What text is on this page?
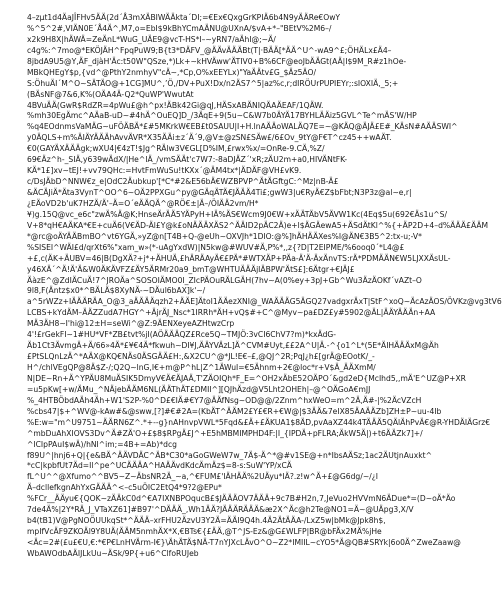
4–zµt1d4ÄaJÎFHv5ÄÄ(2d´Å3mXÄBIWÄÄkta´DI;=€Ex€QxgGrKPIÄ6b4N9yÄÄRe€OwY
%^5^2#,VIÄN0E´Å4Ä^,M7,o=EbI$9kBhYCmAÄNU@UXnA/$vA+*–"BEtV%2M6–/
x2k9H8X|hÄWÄ=ZeÄnL*WuG_UÄE9@vcT-HS*I–~yRN7/aÄhI@;~Ä/
c4g%:^7mo@*EKÖJÄH^FpqPuW9;B{t3*DÄFV_@ÄÄvÄÄÄBt(T|·BÄÄ[*ÄÄ^U^-wA9^£;ÖHÄLx£Ä4–
8jbdA9U5@Y,ÄF_djàH'Äc:t50W"QSze,*)Lk+~kHVÄww'ÄTIV0+B%6CF@eoJbÄÄGt(AÄ|I$9M_R#z1hOe-
MBkQHEgY$p,{vd^@PthY2nmhyV"cÄ~,*Cp,O%xEEYLx)"YaÄÄtv£G_$Äz5ÄO/
S:ÖhuÄI´M^O~SÄTÄO@+1CG]MU^,’Ö,/DV+PuX!Dx/n2ÄS7^5|az%c,r;dIRÖUrPUPIEYr;:sIOXIÄ,_5;+
(BÄsNF@7&6,K%(OÄA4Ä-Q2*QuWP'WwutAt
4BVuÄÄ(GwR$RdZR=4pWu£@h^px!ÄBk42Gi@qJ,HÄSxABÄNIQÄAÄEAF/1QÄW.
%mh30EgÄmc^AÄaB-uD~#4hÄ^OuEQ]D_/3ÄqE+9(5u~C&W7b0ÄYÄ17BYHLÄÄiz5GVL^Te^mÄS'W/HP
%q4EOdnmsVaMÄG~uFÖÄBÄ*£#5MKrkW€EB£t0SAUU|I+H.lnAÄÄoWALÄQ7E=~@KÄQ@ÄJÄ£E#_KÄsN#AÄÄSWI^
y0ÄQLS+m%ÄIÄYÄÄÄhAvvÄVR*X35ÄÄi±z´Ä´9,@V±@zSN£SÄw£/6£Ov_9tY@F€T^cz45++wAÄT.
€0(GAYÄXÄÄÄgk;wXU4|€4zT!$Jg^RÄlw3V€GL[D%IM,£rwx%x/=OnRe-9.CÄ,%Z/
69€Äz^h-_SIÄ,y639wÄdX/|He^IÄ_/vmSÄÄt'c7W7:-8aDJÄZ´'xR;zÄU2m+a0,HIVÄNtFK-
KÄ*1£]xv~tEJ!+vv79QHc:=HvtFmWuSu!tKXx´@ÄM4tx*|ÄDÄF@VH£vK9.
c/DsJÄbD^NNW€z_e|OdC2Äubkup'[*C*#2&E56bÄ€WZBPVP^ÄtÄGftgC:^Mz|nB-Ä£
&ÄCÄJiÄ*Äta3VynT^OO^6~OÄ2PPXGu^py@GÄqÄTÄ€JÄÄÄ4Ti£;gwW3|u€RyÄ€Z$bFbt;N3P3z@al~e,r|
¿EÄoVD2b'uK7HZÄ/Ä'–Ä=O´eÄÄQÄ^@RÖ€±|Ä–/ÖIÄÄ2vm/H*
¥)g.15Q@vc_e6c"zwÄ%Ä@K;HnseÄrÄÄ5YÄPyH+IÄ%ÄS€Wcm9J0€W+xÄÄTÄbV5ÄVW1Kc(4Eq$5u(692€Äs1u^S/
V+8*qH€AÄKA*€E+cuÄ6(V€ÄD-Äl£Y@k£oNÄÄÄXÄS2^ÄÄID2pÄC2Ä)e+l$ÄGÄewA5+ÄSdÄtKl^%{+ÄP2D+4–d%ÄÄÄ£ÄÄM
*@rc@oÄYÄÄBmBO^vt6YGÄ,»yZ@n[T4B+Q-@eUh~OXVJh*1DIO:@%]hÄHÄÄXes%I@ÄN€3B5^2:tx-u;-V*
%SISEI^WÄI£d/qrXt6%"xam_w»(*-uAgYxdW)|N5kw@#WUV#Ä,P%*,,z{?D|T2EIPME/%6ooq0´*L4@£
+£,c(ÄK+ÄUBV=46|B(DgXÄ?+j*+ÄHUÄ,£hÄRÄAyÄ€£PÄ*#WTXÄP+PÄa-Ä'Ä-ÄxÄnvTS:rÄ*PDMÄÄN€W5LJXXÄsUL-
y46XÄ´^Ä!Ä'Ä&W0ÄKÄVFZ£ÄY5ÄRMr20a9_bmT@WHTUÄÄÄjIÄBPW'ÄtS£]:6Ätgr+€JÄJ£
ÄàzE^@ZdIÄCuÄ!7^JROÄa^SOSOIÄMO0I_ZIcPÄOuRÄLGÄH(7hv~A(0%ey+3pJ+Gb^Wu3ÄzÄOKf´vAZt–O
9l8,F(Äntz$x0*^BÄLÄ$8XyNÄ-~DÄul6bAX]k'~/
a^5rWZz+IÄÄÄRÄA_O@3_aÄÄÄÄqzh2+ÄÄE]ÄtoI1ÄÄezXNI@_WAÄÄÄG5ÄGQ27vadgxrÄxT|StF^xoQ~ÄcAzÄOS/ÖVKz@vg3tV6
LCBS+kYdÄM–ÄÄZZudA7HGY^+ÄjrÄJ_Nsc*1IRRh*ÄH+vQ$#+C^@Myv~pa£DZ£y#5902@ÄL|ÄÄYÄÄÄn+AA
MÄ3ÄH8~I'hi@12±H=seWi^@Z:9ÄENXeyeAZHtwzCrp
4'!£rGekFI~1#HU*VF*ZB£tvt%jI(AÖÄÄÄQZ£Rce5Q~TMJÖ:3vCI6ChV7?m)*kxÄdG-
Äb1Ct3ÄvmgÄ+Ä/66»4Ä*£¥€4Ä*fkwuh~DI¥J,ÄÄYVÄzL]Ä^CVM#Uyt,££2A^U|Ä.-^{o1^L*(5E*ÄIHÄÄÄxM@Äh
£PtSLQnLzÄ^*AÄX@KQ€NÄs0ÄSGÄÄ£H:,&X2CU^@*JL!E€–£,@QJ^2R;PqJ¿h£[grÄ@EOotK/_-
H^/chlVEgQP@8Ä$Z-/;Q2Q~lnG,I€+m@P^hL|Z^1ÄWuI=€5Ähnm+2€@loc*r+V$Ä_ÄÄXmM/
N|DE~Rn+Ä^YPÄU8MuÄSIK5DmyV€Ä€ÄJAÄ,T'ZÄOIQh*F_E=^OH2xÄbE52OÄPO´&gd2eD{McIhd5,,mÄ'E^UZ@P+XR
=u5pKw[+w/ÄMu_^NÄjebÄÄM6NL(ÄÄThÄT£DMII^][QJhÄzd@V5Lht2OHEh|–@^OÄGoA€mJJ
%_4HTBÖbdAÄh4Äh+W1'S2P-%0^D£€IÄ#€Y7@ÄÄfNsg~OD@@/2Znm^hxWeO=m^2Ä,Ä#-|%2ÄcVZcH
%cbs47|$+^WV@-kAw#&@sww,[?]#€#2A=(KbÄT^ÄÄM2£Y£€R+€W@|$3ÄÄ&7eIX85ÄAÄÄZb]ZH±P~uu-4Ib
%E:w="m^U9751~ÄÄRN6Z^.*+--g}nAHnvpVWL*5Fqd&£Ä+£ÄKUA1$8ÄD,pvAaXZ44k4TÄÄÄ5QÄlÄhPvÄ€@R-YHDÄIÄGrz€
^mbDuAhXIOVS3Dv^Ä#ZÄ'O+£$8$RPgÄ£J^+E5hMBMIMPHD4F:|I_{IPDÄ+pFLRA;ÄkW5Ä|)+t6ÄÄZk7]+/
^ICIpPAuI$wÄ)/hNI^im;=4B+=Ab)*dcg
f89U^|hnj6+Q|{e&BÄ^ÄÄVDÄC^ÄB*C30*aGoGWeW7w_7Ä$-Ä^*@#v1SE@+n*IbsAÄSz;1ac2ÄUtjnAuxkt^
*cC|kpbfUt7Äd=Il^pe^UCÄÄÄA^HAÄÄvdKdcÄmÄz$=8-s:SuW'YP/xCÄ
fL^U^^@Xfumo^^BV5~Z~ÄbsNR2Ä_~a,^€FUM£'IÄHÄÄ%2UÄyu*IÄ?.z!w^Ä+£@G6dg/~/¿I
Ä–dcllefkgnAhYxGÄÄÄ^<–c5uÖIC2EtQ4*9?2@EPu*
%FCr__ÄÄyu€{QOK~zÄÄkC0d^€A7IXNBPOqucB£$JÄÄÄOV7ÄÄÄ+9c7B#H2n,7,JeVuo2HVVmN6ÄDue*=(D~oÄ*Äo
7de4Ä%|2Y*RÄ_J_VTaXZ61]#B97'^DÄÄÄ_,Wh1ÄÄ?JÄÄÄRÄÄÄ&æ2X^Äc@h2Te@NO1=Ä~@UÄpg3,X/V
b4(tB1)V@PgNOÖUUkqSt*^ÄÄÄ–xrFHU2ÄzvU3Y2Ä=ÄÄI9Q4h.4Ä2ÄtÄÄA-/LxZ5w|bMk@Jpk8h$,
mpIfVcÄF9ZKOÄl9Y8UÄ(ÄÄM5nmhÄX*X,€BTs€{£ÄÄ,@T^JS-Ez&@G£WLFP|BR@bFÄx2MÄ%jHe
<Äc=2#(£u£€U,€:*€P€LnHVÄrm-I€}\ÄhÄTÄ$NÄ-T7nYJXcLÄvO^O~Z2*IMIIL~cYO5*Ä@QB#SRYk|6o0Ä^ZweZaaw@
WbAWOdbAÄIJLkUu~ÄSk/9P{+u6^ClfoRUJeb
